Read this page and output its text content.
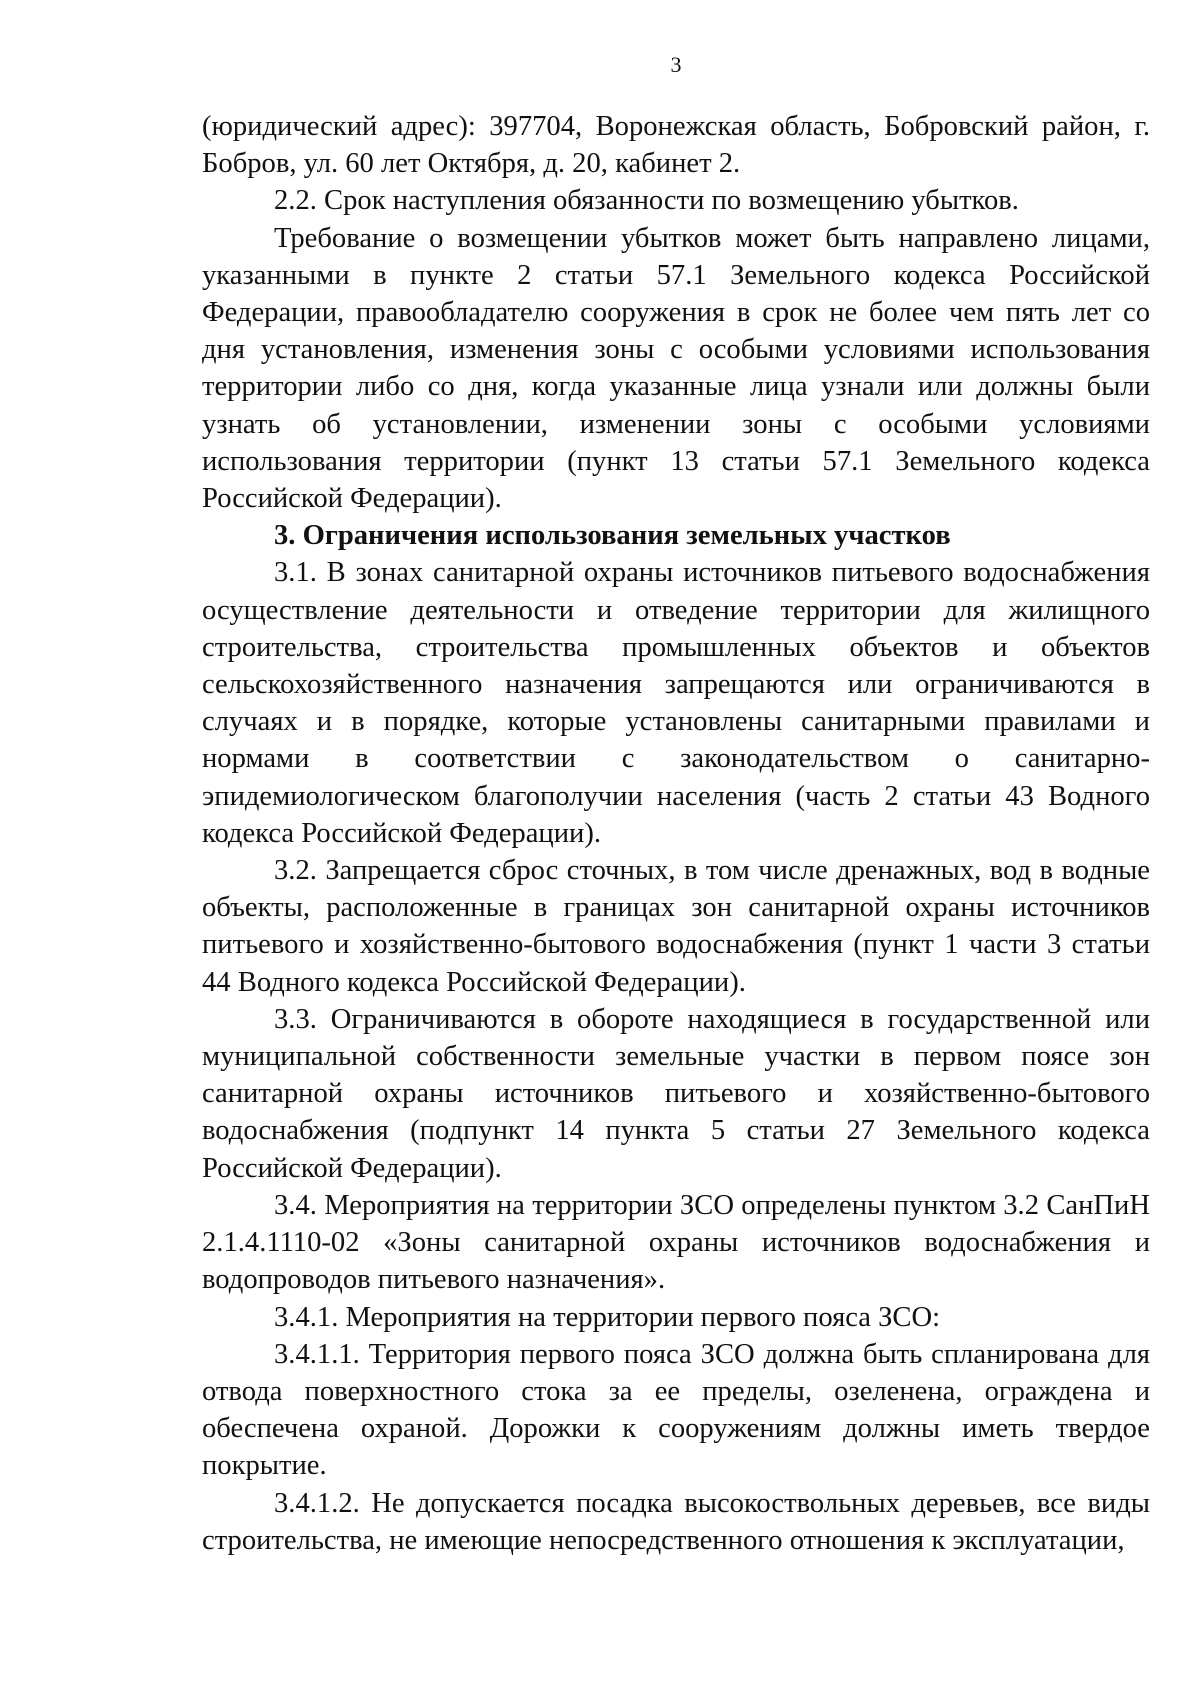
3

(юридический адрес): 397704, Воронежская область, Бобровский район, г. Бобров, ул. 60 лет Октября, д. 20, кабинет 2.

2.2. Срок наступления обязанности по возмещению убытков.

Требование о возмещении убытков может быть направлено лицами, указанными в пункте 2 статьи 57.1 Земельного кодекса Российской Федерации, правообладателю сооружения в срок не более чем пять лет со дня установления, изменения зоны с особыми условиями использования территории либо со дня, когда указанные лица узнали или должны были узнать об установлении, изменении зоны с особыми условиями использования территории (пункт 13 статьи 57.1 Земельного кодекса Российской Федерации).

3. Ограничения использования земельных участков

3.1. В зонах санитарной охраны источников питьевого водоснабжения осуществление деятельности и отведение территории для жилищного строительства, строительства промышленных объектов и объектов сельскохозяйственного назначения запрещаются или ограничиваются в случаях и в порядке, которые установлены санитарными правилами и нормами в соответствии с законодательством о санитарно-эпидемиологическом благополучии населения (часть 2 статьи 43 Водного кодекса Российской Федерации).

3.2. Запрещается сброс сточных, в том числе дренажных, вод в водные объекты, расположенные в границах зон санитарной охраны источников питьевого и хозяйственно-бытового водоснабжения (пункт 1 части 3 статьи 44 Водного кодекса Российской Федерации).

3.3. Ограничиваются в обороте находящиеся в государственной или муниципальной собственности земельные участки в первом поясе зон санитарной охраны источников питьевого и хозяйственно-бытового водоснабжения (подпункт 14 пункта 5 статьи 27 Земельного кодекса Российской Федерации).

3.4. Мероприятия на территории ЗСО определены пунктом 3.2 СанПиН 2.1.4.1110-02 «Зоны санитарной охраны источников водоснабжения и водопроводов питьевого назначения».

3.4.1. Мероприятия на территории первого пояса ЗСО:

3.4.1.1. Территория первого пояса ЗСО должна быть спланирована для отвода поверхностного стока за ее пределы, озеленена, ограждена и обеспечена охраной. Дорожки к сооружениям должны иметь твердое покрытие.

3.4.1.2. Не допускается посадка высокоствольных деревьев, все виды строительства, не имеющие непосредственного отношения к эксплуатации,
